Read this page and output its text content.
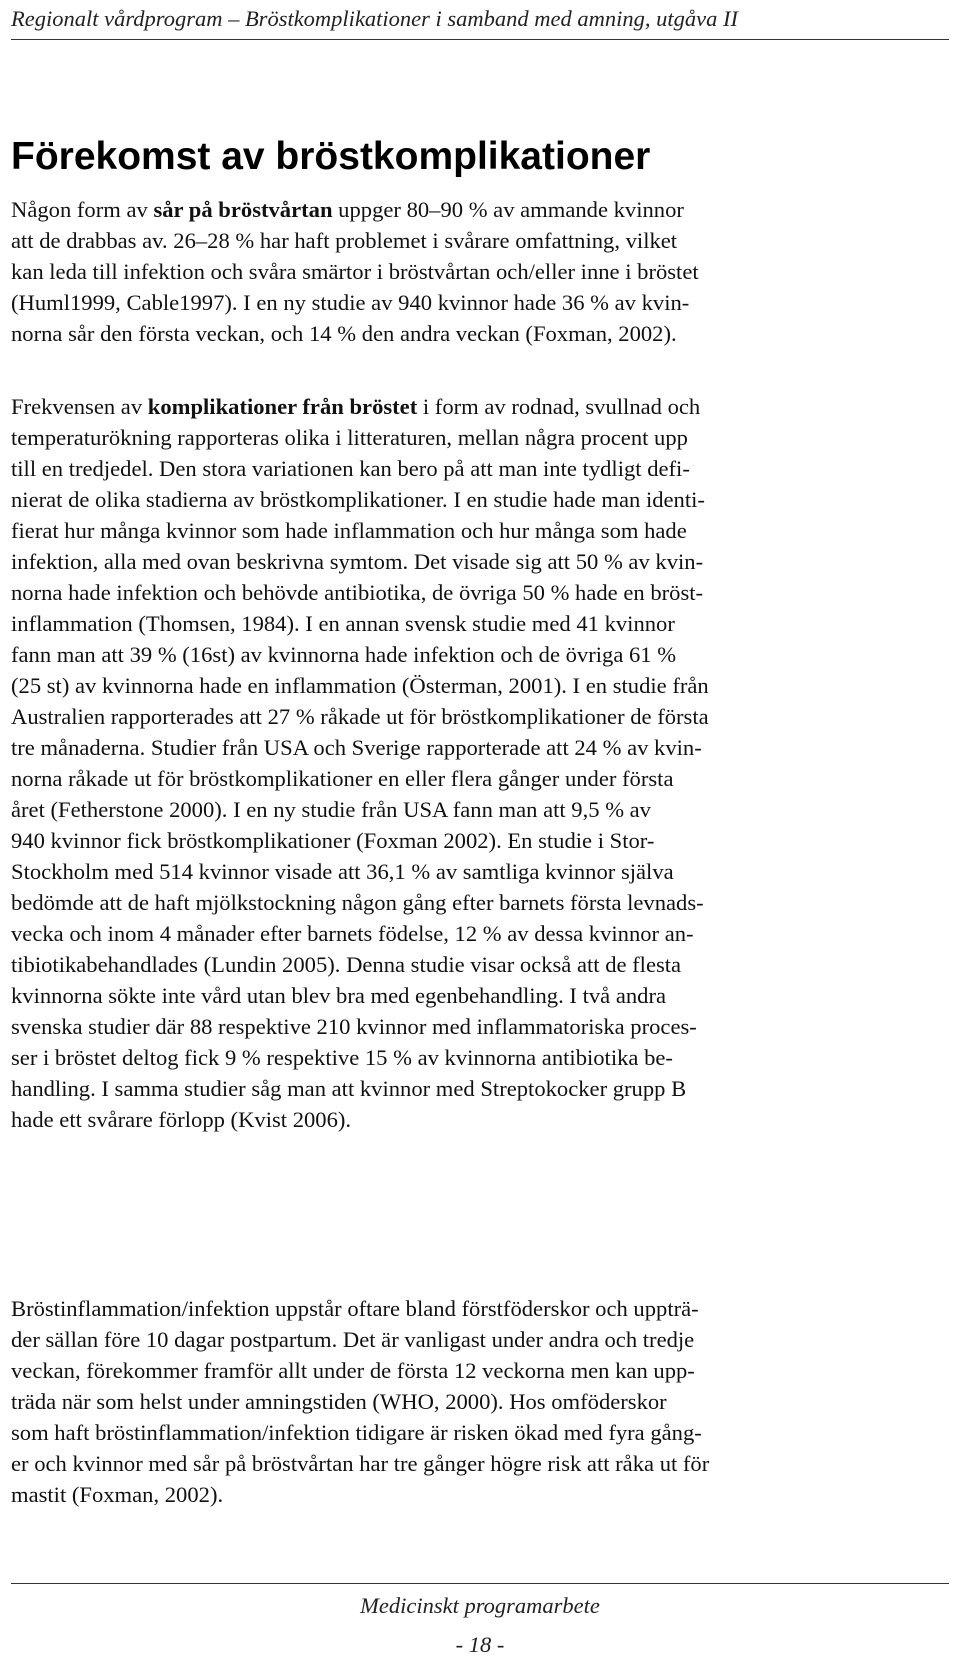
Regionalt vårdprogram – Bröstkomplikationer i samband med amning, utgåva II
Förekomst av bröstkomplikationer
Någon form av sår på bröstvårtan uppger 80–90 % av ammande kvinnor
att de drabbas av. 26–28 % har haft problemet i svårare omfattning, vilket
kan leda till infektion och svåra smärtor i bröstvårtan och/eller inne i bröstet
(Huml1999, Cable1997). I en ny studie av 940 kvinnor hade 36 % av kvin-
norna sår den första veckan, och 14 % den andra veckan (Foxman, 2002).
Frekvensen av komplikationer från bröstet i form av rodnad, svullnad och
temperaturökning rapporteras olika i litteraturen, mellan några procent upp
till en tredjedel. Den stora variationen kan bero på att man inte tydligt defi-
nierat de olika stadierna av bröstkomplikationer. I en studie hade man identi-
fierat hur många kvinnor som hade inflammation och hur många som hade
infektion, alla med ovan beskrivna symtom. Det visade sig att 50 % av kvin-
norna hade infektion och behövde antibiotika, de övriga 50 % hade en bröst-
inflammation (Thomsen, 1984). I en annan svensk studie med 41 kvinnor
fann man att 39 % (16st) av kvinnorna hade infektion och de övriga 61 %
(25 st) av kvinnorna hade en inflammation (Österman, 2001). I en studie från
Australien rapporterades att 27 % råkade ut för bröstkomplikationer de första
tre månaderna. Studier från USA och Sverige rapporterade att 24 % av kvin-
norna råkade ut för bröstkomplikationer en eller flera gånger under första
året (Fetherstone 2000). I en ny studie från USA fann man att 9,5 % av
940 kvinnor fick bröstkomplikationer (Foxman 2002). En studie i Stor-
Stockholm med 514 kvinnor visade att 36,1 % av samtliga kvinnor själva
bedömde att de haft mjölkstockning någon gång efter barnets första levnads-
vecka och inom 4 månader efter barnets födelse, 12 % av dessa kvinnor an-
tibiotikabehandlades (Lundin 2005). Denna studie visar också att de flesta
kvinnorna sökte inte vård utan blev bra med egenbehandling. I två andra
svenska studier där 88 respektive 210 kvinnor med inflammatoriska proces-
ser i bröstet deltog fick 9 % respektive 15 % av kvinnorna antibiotika be-
handling. I samma studier såg man att kvinnor med Streptokocker grupp B
hade ett svårare förlopp (Kvist 2006).
Bröstinflammation/infektion uppstår oftare bland förstföderskor och uppträ-
der sällan före 10 dagar postpartum. Det är vanligast under andra och tredje
veckan, förekommer framför allt under de första 12 veckorna men kan upp-
träda när som helst under amningstiden (WHO, 2000). Hos omföderskor
som haft bröstinflammation/infektion tidigare är risken ökad med fyra gång-
er och kvinnor med sår på bröstvårtan har tre gånger högre risk att råka ut för
mastit (Foxman, 2002).
Medicinskt programarbete
- 18 -
